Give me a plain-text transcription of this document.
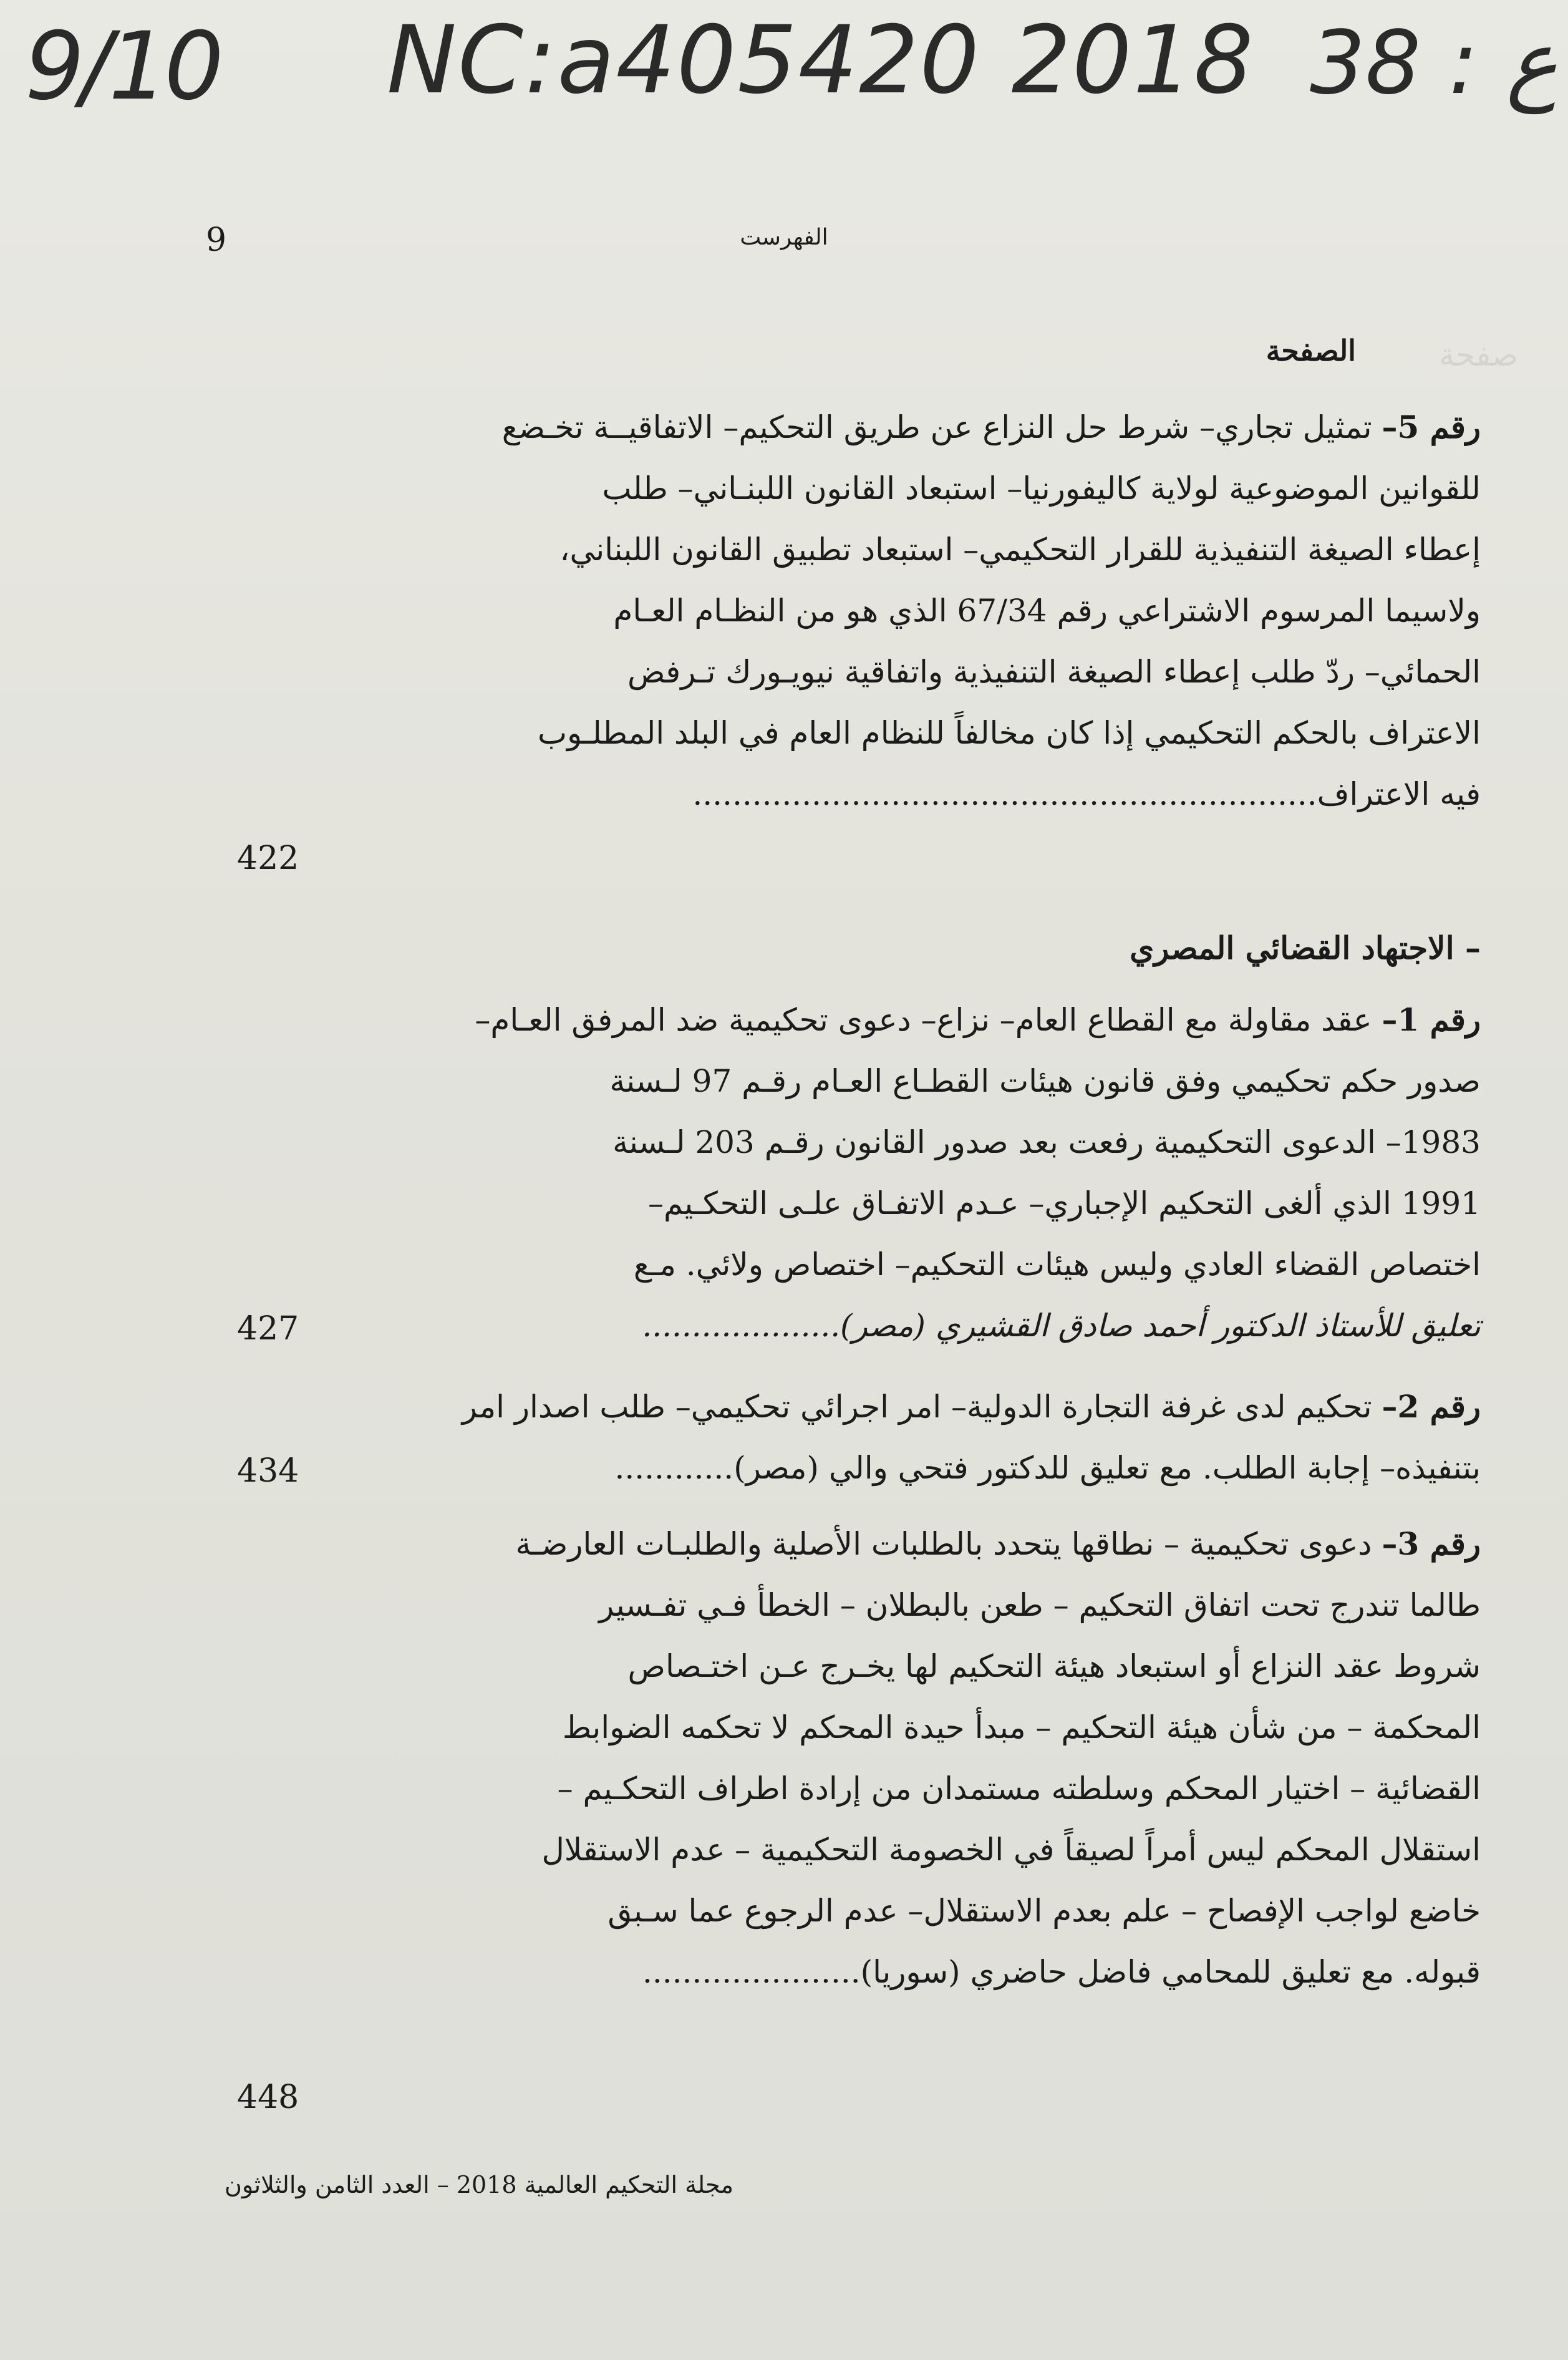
صفحة
9/10 NC:a405420 2018 38 : ع
9	الفهرست
الصفحة
رقم 5– تمثيل تجاري– شرط حل النزاع عن طريق التحكيم– الاتفاقيــة تخـضع
للقوانين الموضوعية لولاية كاليفورنيا– استبعاد القانون اللبنـاني– طلب
إعطاء الصيغة التنفيذية للقرار التحكيمي– استبعاد تطبيق القانون اللبناني،
ولاسيما المرسوم الاشتراعي رقم 67/34 الذي هو من النظـام العـام
الحمائي– ردّ طلب إعطاء الصيغة التنفيذية واتفاقية نيويـورك تـرفض
الاعتراف بالحكم التحكيمي إذا كان مخالفاً للنظام العام في البلد المطلـوب
فيه الاعتراف...............................................................
422
– الاجتهاد القضائي المصري
رقم 1– عقد مقاولة مع القطاع العام– نزاع– دعوى تحكيمية ضد المرفق العـام–
صدور حكم تحكيمي وفق قانون هيئات القطـاع العـام رقـم 97 لـسنة
1983– الدعوى التحكيمية رفعت بعد صدور القانون رقـم 203 لـسنة
1991 الذي ألغى التحكيم الإجباري– عـدم الاتفـاق علـى التحكـيم–
اختصاص القضاء العادي وليس هيئات التحكيم– اختصاص ولائي. مـع
تعليق للأستاذ الدكتور أحمد صادق القشيري (مصر)....................
427
رقم 2– تحكيم لدى غرفة التجارة الدولية– امر اجرائي تحكيمي– طلب اصدار امر
بتنفيذه– إجابة الطلب. مع تعليق للدكتور فتحي والي (مصر)............
434
رقم 3– دعوى تحكيمية – نطاقها يتحدد بالطلبات الأصلية والطلبـات العارضـة
طالما تندرج تحت اتفاق التحكيم – طعن بالبطلان – الخطأ فـي تفـسير
شروط عقد النزاع أو استبعاد هيئة التحكيم لها يخـرج عـن اختـصاص
المحكمة – من شأن هيئة التحكيم – مبدأ حيدة المحكم لا تحكمه الضوابط
القضائية – اختيار المحكم وسلطته مستمدان من إرادة اطراف التحكـيم –
استقلال المحكم ليس أمراً لصيقاً في الخصومة التحكيمية – عدم الاستقلال
خاضع لواجب الإفصاح – علم بعدم الاستقلال– عدم الرجوع عما سـبق
قبوله. مع تعليق للمحامي فاضل حاضري (سوريا)......................
448
مجلة التحكيم العالمية 2018 – العدد الثامن والثلاثون
